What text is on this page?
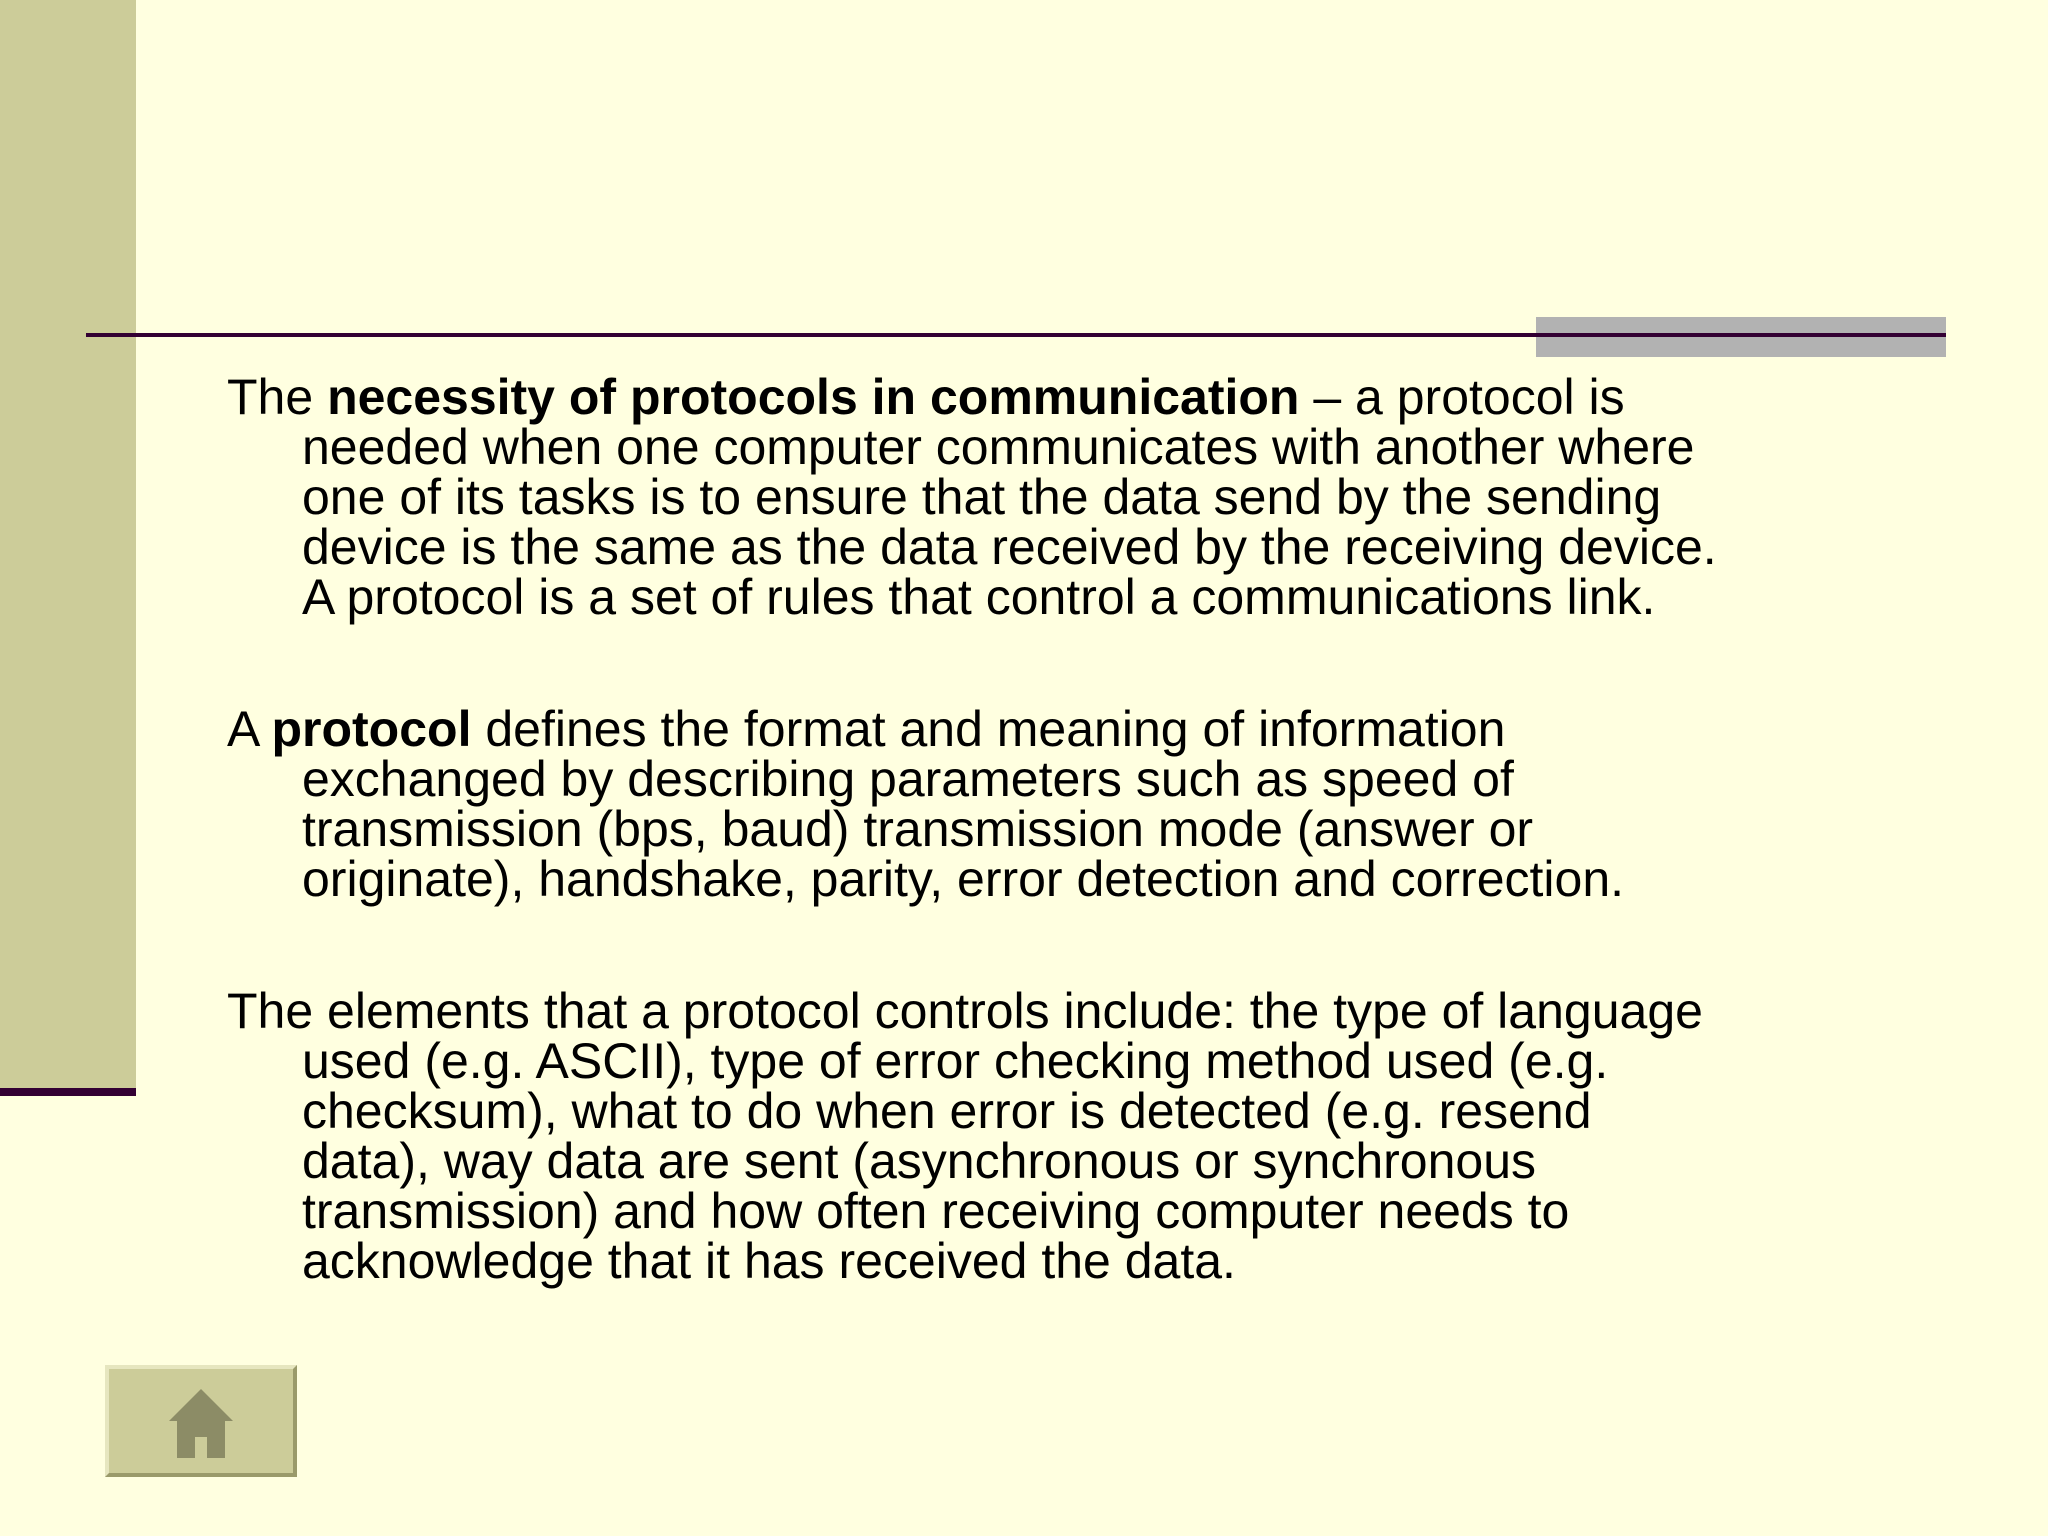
The necessity of protocols in communication – a protocol is
needed when one computer communicates with another where
one of its tasks is to ensure that the data send by the sending
device is the same as the data received by the receiving device.
A protocol is a set of rules that control a communications link.

A protocol defines the format and meaning of information
exchanged by describing parameters such as speed of
transmission (bps, baud) transmission mode (answer or
originate), handshake, parity, error detection and correction.

The elements that a protocol controls include: the type of language
used (e.g. ASCII), type of error checking method used (e.g.
checksum), what to do when error is detected (e.g. resend
data), way data are sent (asynchronous or synchronous
transmission) and how often receiving computer needs to
acknowledge that it has received the data.
